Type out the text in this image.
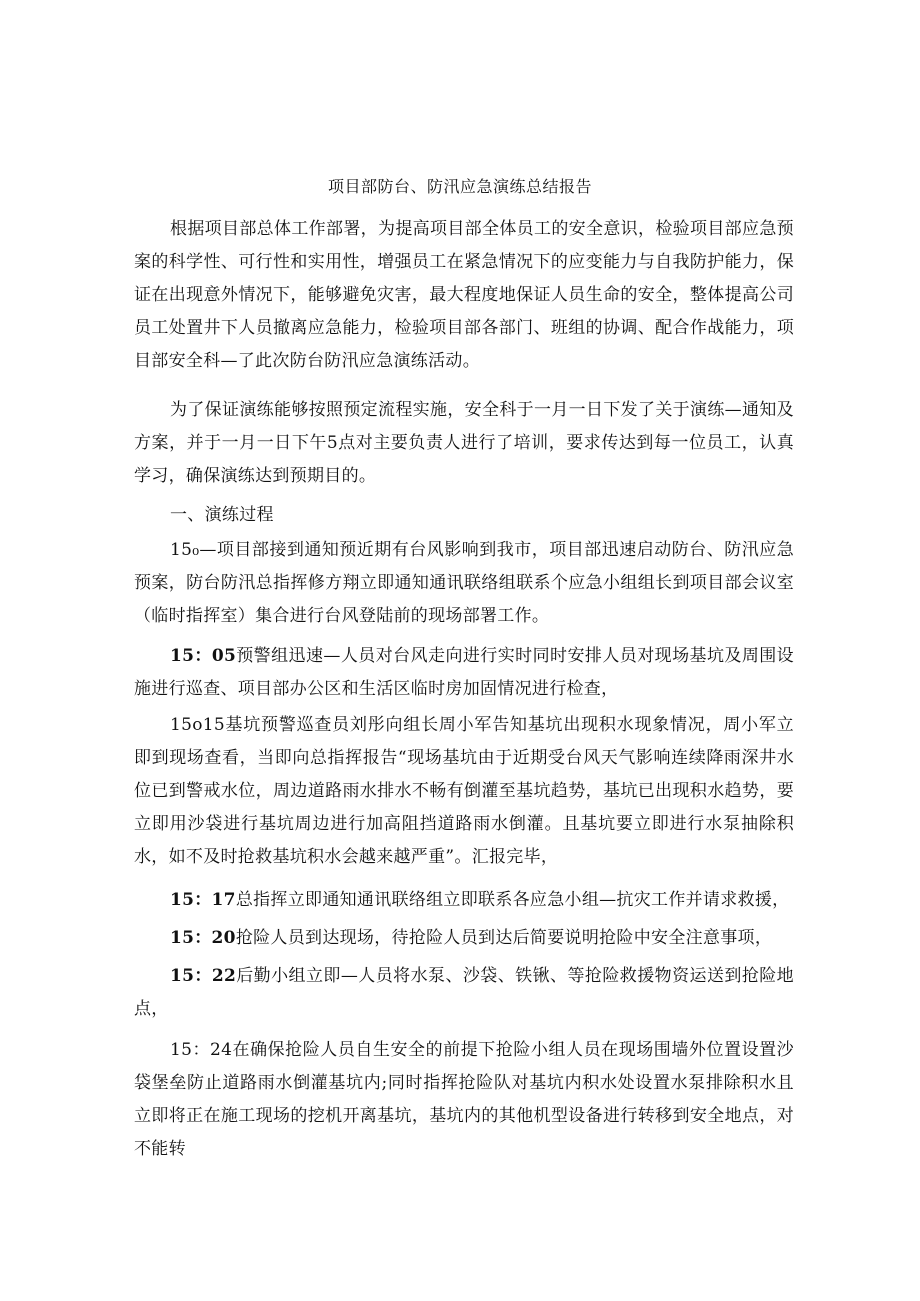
项目部防台、防汛应急演练总结报告

根据项目部总体工作部署，为提高项目部全体员工的安全意识，检验项目部应急预案的科学性、可行性和实用性，增强员工在紧急情况下的应变能力与自我防护能力，保证在出现意外情况下，能够避免灾害，最大程度地保证人员生命的安全，整体提高公司员工处置井下人员撤离应急能力，检验项目部各部门、班组的协调、配合作战能力，项目部安全科—了此次防台防汛应急演练活动。

为了保证演练能够按照预定流程实施，安全科于一月一日下发了关于演练—通知及方案，并于一月一日下午5点对主要负责人进行了培训，要求传达到每一位员工，认真学习，确保演练达到预期目的。

一、演练过程

15₀—项目部接到通知预近期有台风影响到我市，项目部迅速启动防台、防汛应急预案，防台防汛总指挥修方翔立即通知通讯联络组联系个应急小组组长到项目部会议室（临时指挥室）集合进行台风登陆前的现场部署工作。

15：05预警组迅速—人员对台风走向进行实时同时安排人员对现场基坑及周围设施进行巡查、项目部办公区和生活区临时房加固情况进行检查，

15o15基坑预警巡查员刘彤向组长周小军告知基坑出现积水现象情况，周小军立即到现场查看，当即向总指挥报告“现场基坑由于近期受台风天气影响连续降雨深井水位已到警戒水位，周边道路雨水排水不畅有倒灌至基坑趋势，基坑已出现积水趋势，要立即用沙袋进行基坑周边进行加高阻挡道路雨水倒灌。且基坑要立即进行水泵抽除积水，如不及时抢救基坑积水会越来越严重”。汇报完毕，

15：17总指挥立即通知通讯联络组立即联系各应急小组—抗灾工作并请求救援，

15：20抢险人员到达现场，待抢险人员到达后简要说明抢险中安全注意事项，

15：22后勤小组立即—人员将水泵、沙袋、铁锹、等抢险救援物资运送到抢险地点，

15：24在确保抢险人员自生安全的前提下抢险小组人员在现场围墙外位置设置沙袋堡垒防止道路雨水倒灌基坑内;同时指挥抢险队对基坑内积水处设置水泵排除积水且立即将正在施工现场的挖机开离基坑，基坑内的其他机型设备进行转移到安全地点，对不能转
